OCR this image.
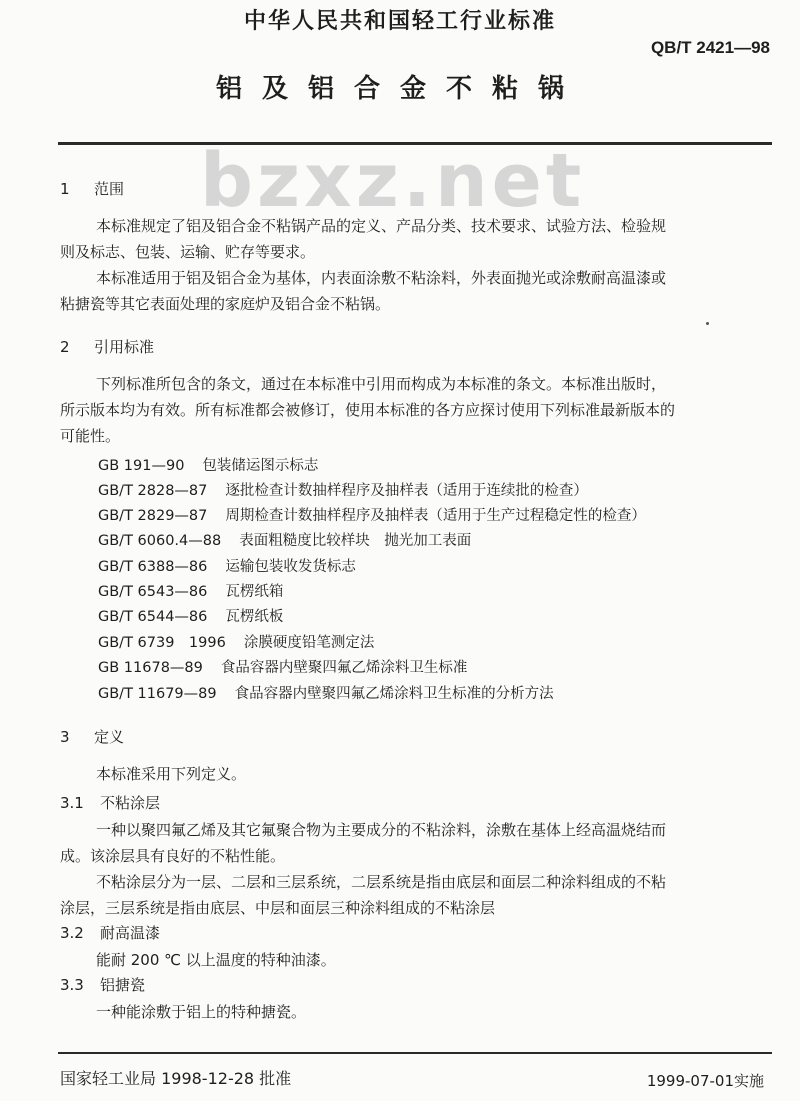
中华人民共和国轻工行业标准
QB/T 2421—98
铝及铝合金不粘锅
bzxz.net
1 范围
本标准规定了铝及铝合金不粘锅产品的定义、产品分类、技术要求、试验方法、检验规
则及标志、包装、运输、贮存等要求。
本标准适用于铝及铝合金为基体，内表面涂敷不粘涂料，外表面抛光或涂敷耐高温漆或
粘搪瓷等其它表面处理的家庭炉及铝合金不粘锅。
2 引用标准
下列标准所包含的条文，通过在本标准中引用而构成为本标准的条文。本标准出版时，
所示版本均为有效。所有标准都会被修订，使用本标准的各方应探讨使用下列标准最新版本的
可能性。
GB 191—90 包装储运图示标志
GB/T 2828—87 逐批检查计数抽样程序及抽样表（适用于连续批的检查）
GB/T 2829—87 周期检查计数抽样程序及抽样表（适用于生产过程稳定性的检查）
GB/T 6060.4—88 表面粗糙度比较样块　抛光加工表面
GB/T 6388—86 运输包装收发货标志
GB/T 6543—86 瓦楞纸箱
GB/T 6544—86 瓦楞纸板
GB/T 6739　1996 涂膜硬度铅笔测定法
GB 11678—89 食品容器内壁聚四氟乙烯涂料卫生标准
GB/T 11679—89 食品容器内壁聚四氟乙烯涂料卫生标准的分析方法
3 定义
本标准采用下列定义。
3.1 不粘涂层
一种以聚四氟乙烯及其它氟聚合物为主要成分的不粘涂料，涂敷在基体上经高温烧结而
成。该涂层具有良好的不粘性能。
不粘涂层分为一层、二层和三层系统，二层系统是指由底层和面层二种涂料组成的不粘
涂层，三层系统是指由底层、中层和面层三种涂料组成的不粘涂层
3.2 耐高温漆
能耐 200 ℃ 以上温度的特种油漆。
3.3 铝搪瓷
一种能涂敷于铝上的特种搪瓷。
国家轻工业局 1998-12-28 批准	1999-07-01实施
